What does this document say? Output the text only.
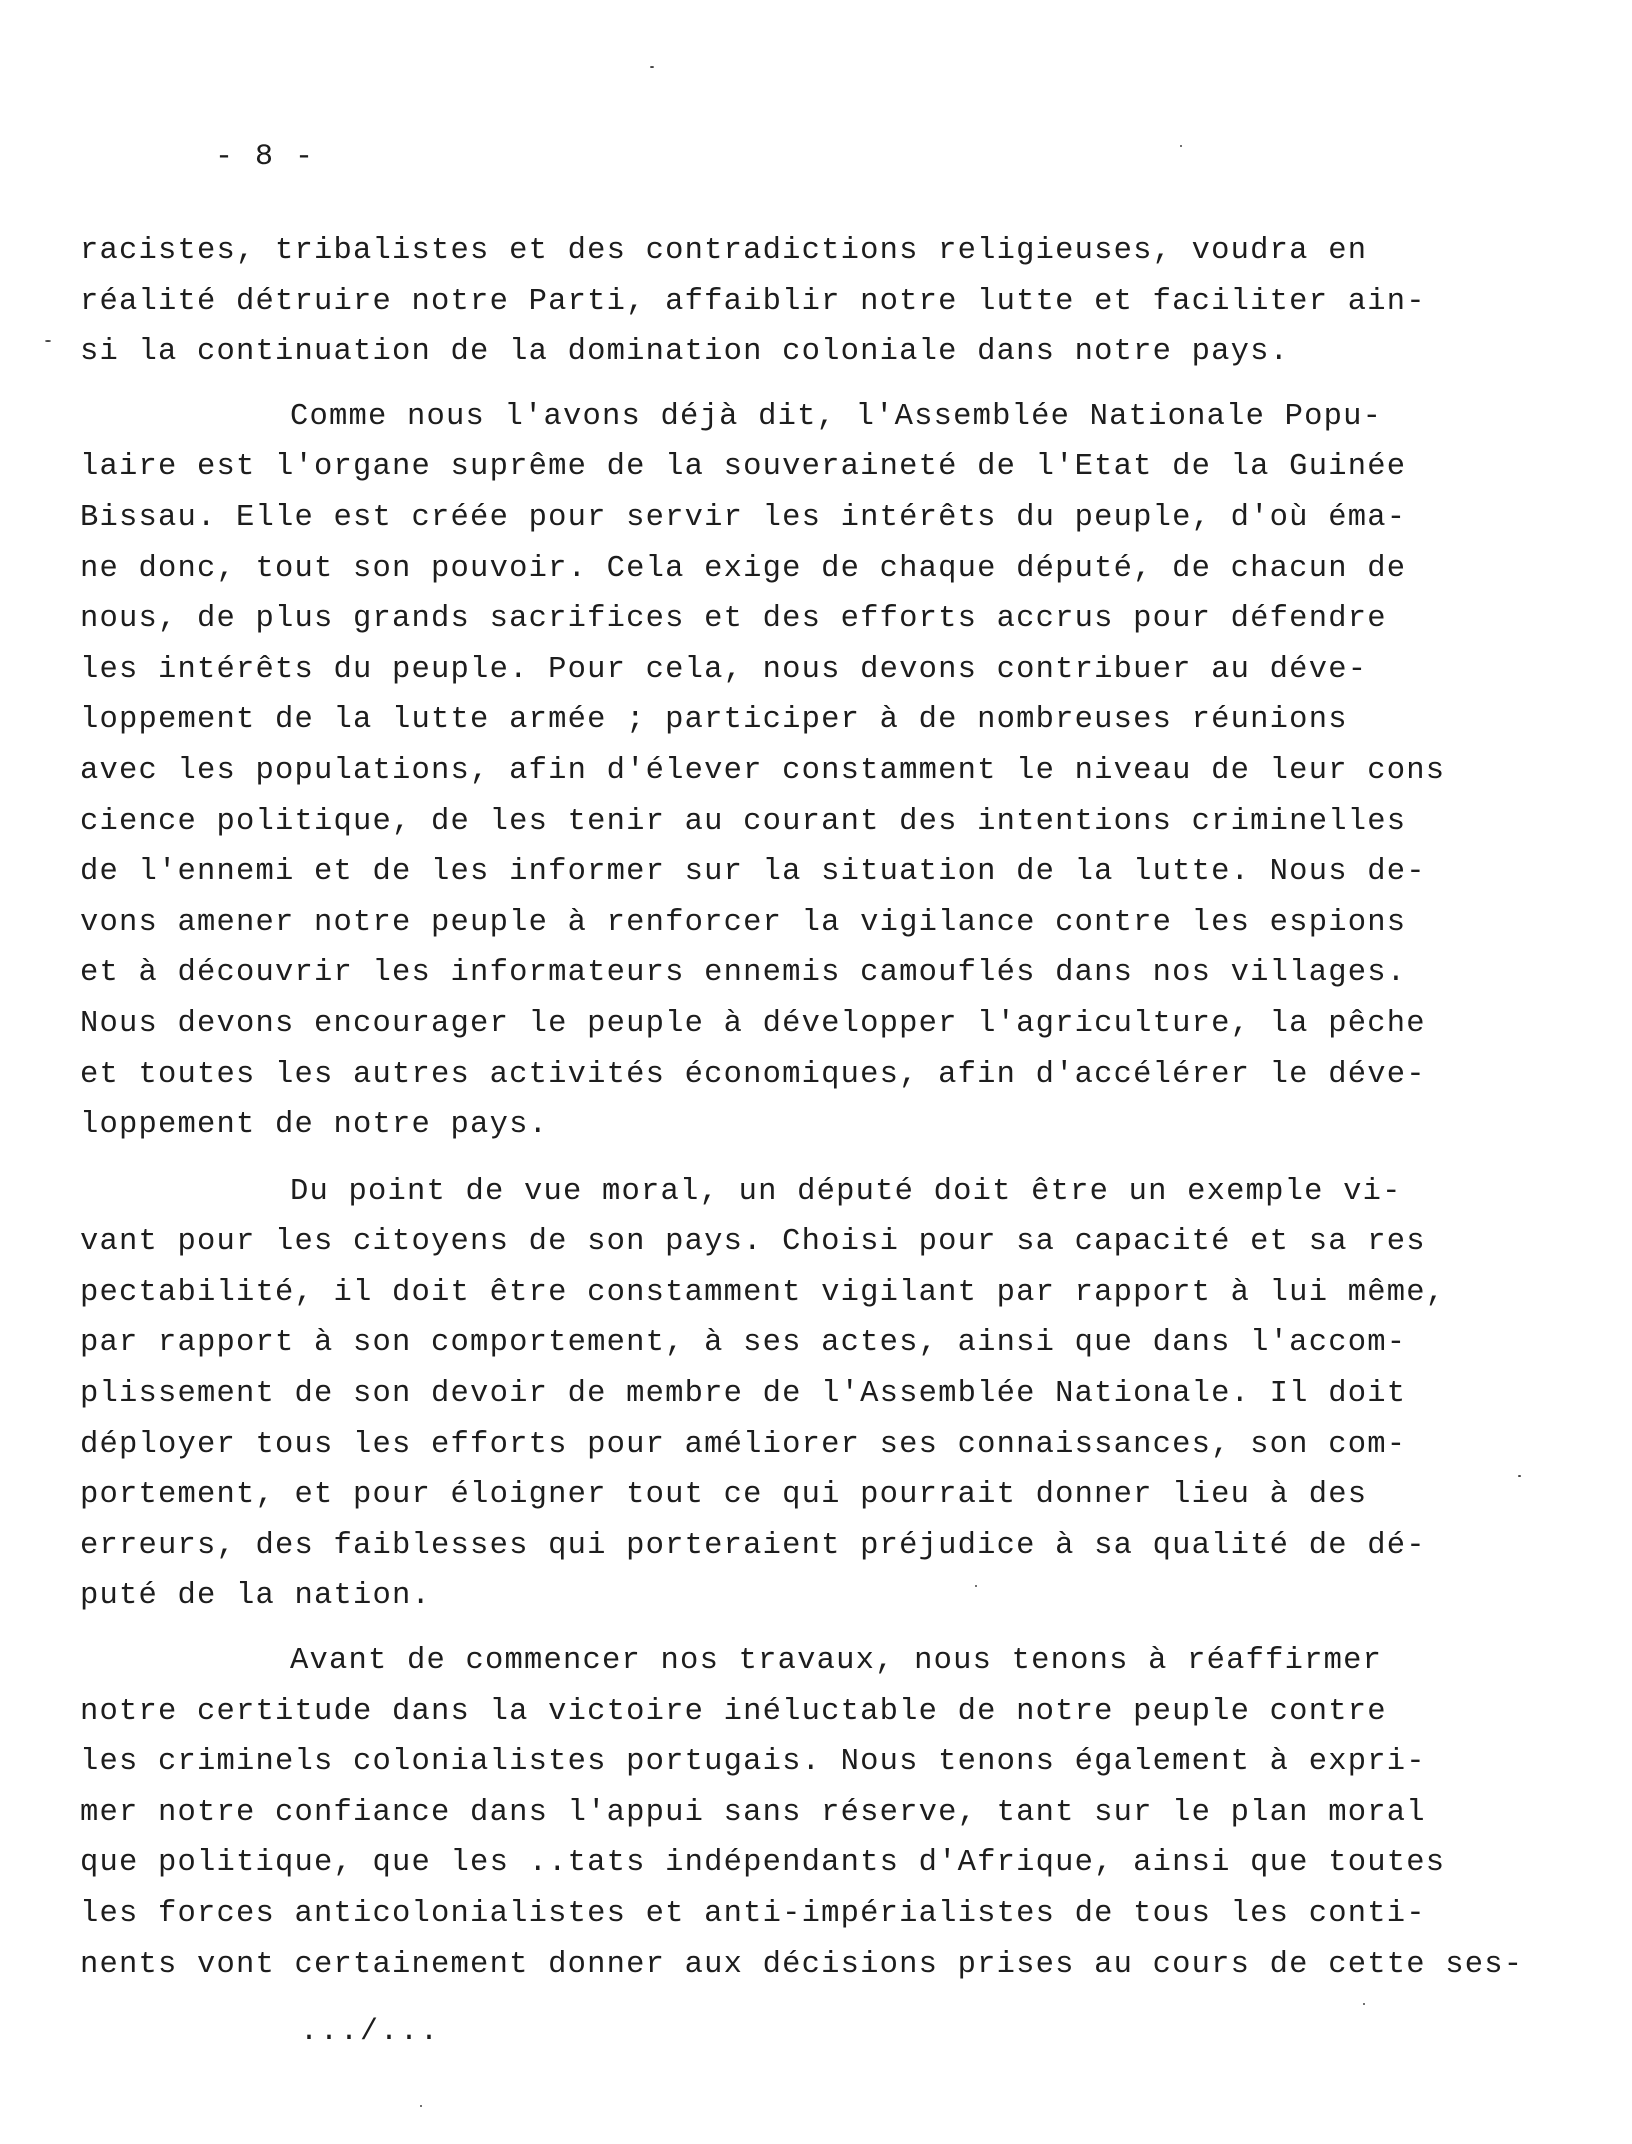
- 8 -
racistes, tribalistes et des contradictions religieuses, voudra en
réalité détruire notre Parti, affaiblir notre lutte et faciliter ain-
si la continuation de la domination coloniale dans notre pays.
Comme nous l'avons déjà dit, l'Assemblée Nationale Popu-
laire est l'organe suprême de la souveraineté de l'Etat de la Guinée
Bissau. Elle est créée pour servir les intérêts du peuple, d'où éma-
ne donc, tout son pouvoir. Cela exige de chaque député, de chacun de
nous, de plus grands sacrifices et des efforts accrus pour défendre
les intérêts du peuple. Pour cela, nous devons contribuer au déve-
loppement de la lutte armée ; participer à de nombreuses réunions
avec les populations, afin d'élever constamment le niveau de leur cons
cience politique, de les tenir au courant des intentions criminelles
de l'ennemi et de les informer sur la situation de la lutte. Nous de-
vons amener notre peuple à renforcer la vigilance contre les espions
et à découvrir les informateurs ennemis camouflés dans nos villages.
Nous devons encourager le peuple à développer l'agriculture, la pêche
et toutes les autres activités économiques, afin d'accélérer le déve-
loppement de notre pays.
Du point de vue moral, un député doit être un exemple vi-
vant pour les citoyens de son pays. Choisi pour sa capacité et sa res
pectabilité, il doit être constamment vigilant par rapport à lui même,
par rapport à son comportement, à ses actes, ainsi que dans l'accom-
plissement de son devoir de membre de l'Assemblée Nationale. Il doit
déployer tous les efforts pour améliorer ses connaissances, son com-
portement, et pour éloigner tout ce qui pourrait donner lieu à des
erreurs, des faiblesses qui porteraient préjudice à sa qualité de dé-
puté de la nation.
Avant de commencer nos travaux, nous tenons à réaffirmer
notre certitude dans la victoire inéluctable de notre peuple contre
les criminels colonialistes portugais. Nous tenons également à expri-
mer notre confiance dans l'appui sans réserve, tant sur le plan moral
que politique, que les ..tats indépendants d'Afrique, ainsi que toutes
les forces anticolonialistes et anti-impérialistes de tous les conti-
nents vont certainement donner aux décisions prises au cours de cette ses-
.../...
